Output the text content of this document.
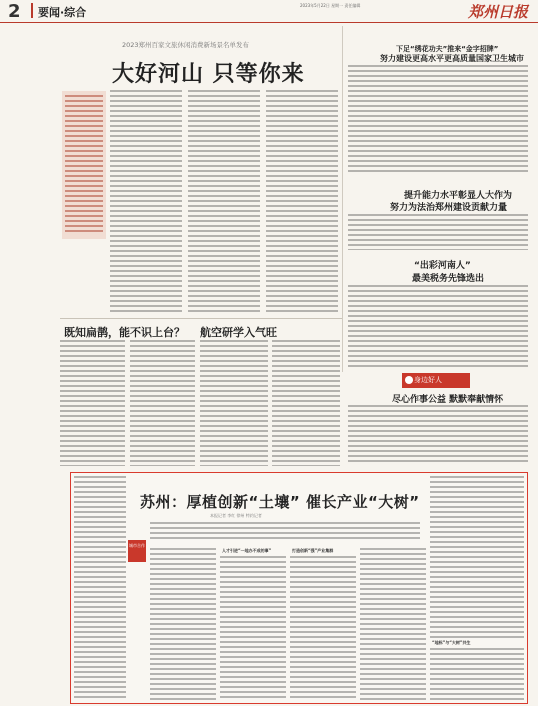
2 要闻·综合
2023年5月22日 星期一 责任编辑	郑州日报
2023郑州百家文旅休闲消费新场景名单发布
大好河山 只等你来
下足“绣花功夫”推来“金字招牌”
努力建设更高水平更高质量国家卫生城市
提升能力水平彰显人大作为
努力为法治郑州建设贡献力量
“出彩河南人”
最美税务先锋选出
身边好人
尽心作事公益 默默奉献情怀
既知扁鹊，能不识上台？ 航空研学入气旺
苏州：厚植创新“土壤” 催长产业“大树”
本报记者 李红 徐州 特约记者
城市合作
人才引进“一地办不成的事”	打造创新“强”产业集群
“地标”与“大树”共生
